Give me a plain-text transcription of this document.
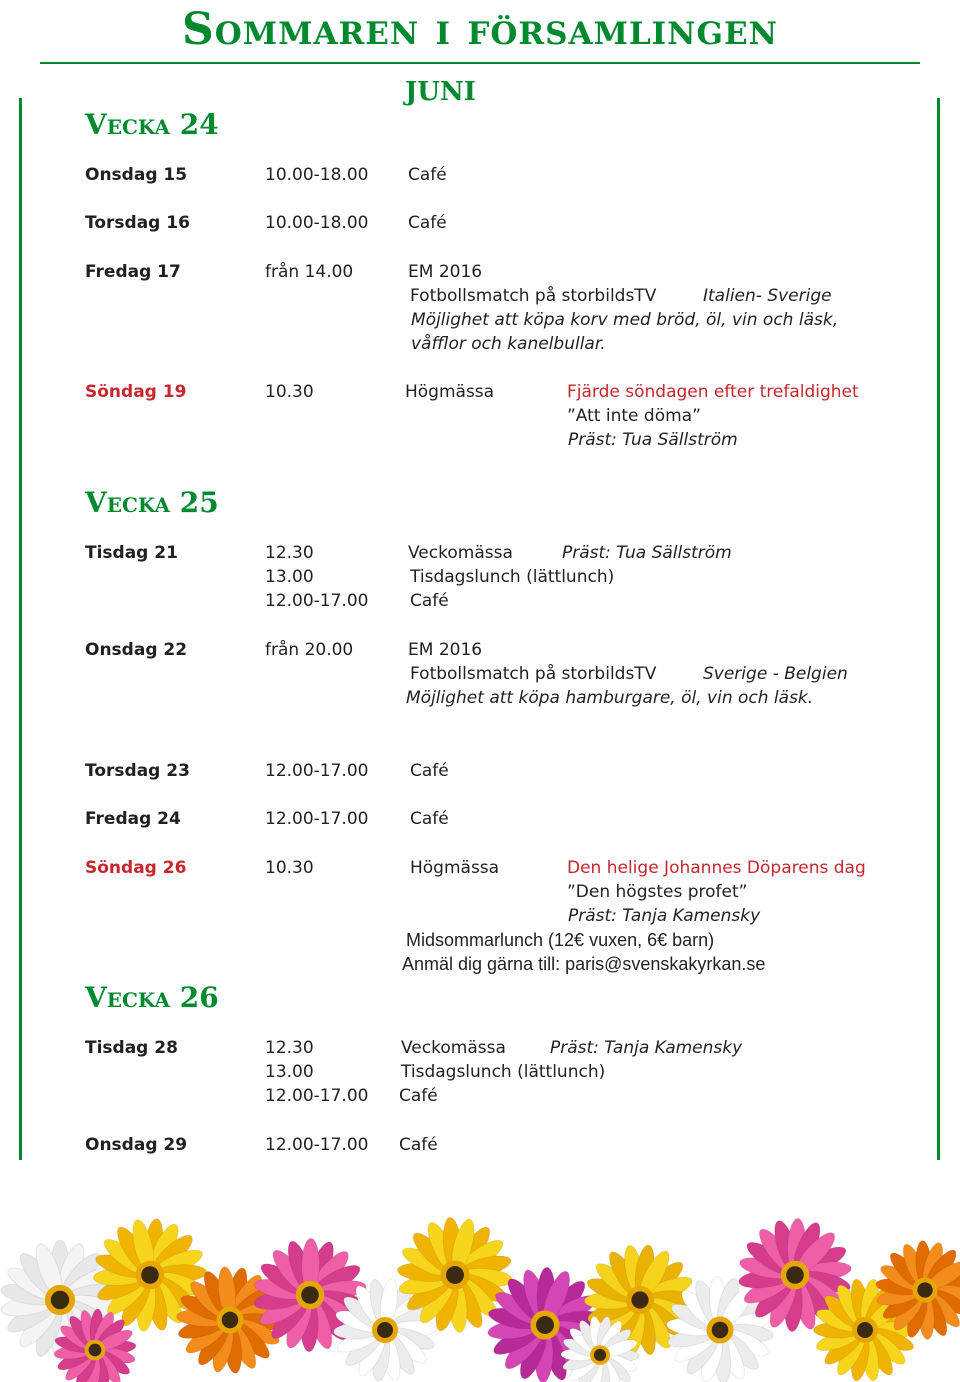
Sommaren i församlingen
JUNI
Vecka 24
Onsdag 15	10.00-18.00 Café
Torsdag 16	10.00-18.00 Café
Fredag 17	från 14.00	EM 2016
Fotbollsmatch på storbildsTV	Italien- Sverige
Möjlighet att köpa korv med bröd, öl, vin och läsk,
våfflor och kanelbullar.
Söndag 19	10.30	Högmässa	Fjärde söndagen efter trefaldighet
”Att inte döma”
Präst: Tua Sällström
Vecka 25
Tisdag 21	12.30	Veckomässa	Präst: Tua Sällström
13.00	Tisdagslunch (lättlunch)
12.00-17.00 Café
Onsdag 22	från 20.00	EM 2016
Fotbollsmatch på storbildsTV	Sverige - Belgien
Möjlighet att köpa hamburgare, öl, vin och läsk.
Torsdag 23	12.00-17.00 Café
Fredag 24	12.00-17.00 Café
Söndag 26	10.30	Högmässa	Den helige Johannes Döparens dag
”Den högstes profet”
Präst: Tanja Kamensky
Midsommarlunch (12€ vuxen, 6€ barn)
Anmäl dig gärna till: paris@svenskakyrkan.se
Vecka 26
Tisdag 28	12.30	Veckomässa	Präst: Tanja Kamensky
13.00	Tisdagslunch (lättlunch)
12.00-17.00 Café
Onsdag 29	12.00-17.00 Café
